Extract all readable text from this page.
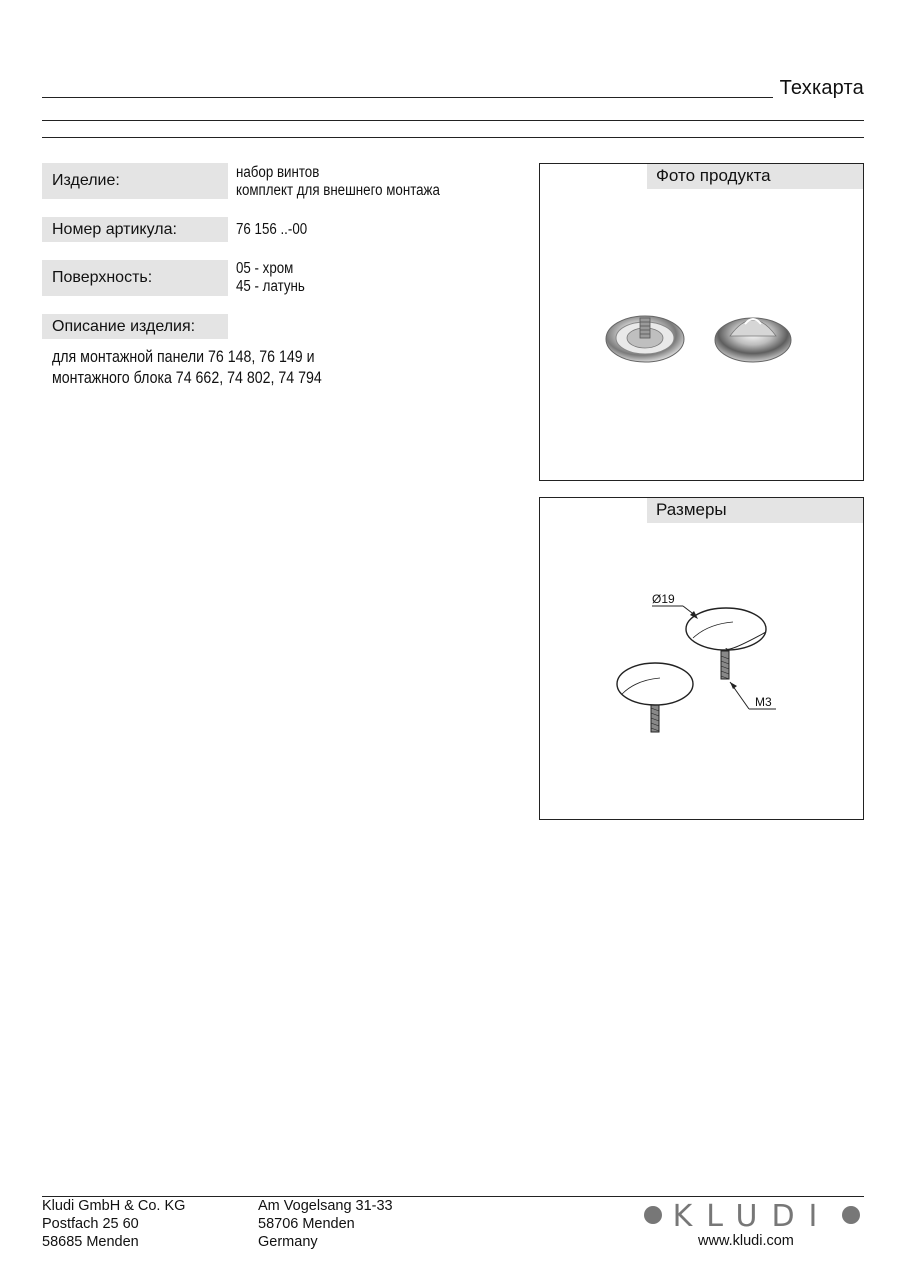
Техкарта
Изделие:	набор винтов
комплект для внешнего монтажа
Номер артикула:	76 156 ..-00
Поверхность:
05 - хром
45 - латунь
Описание изделия:
для монтажной панели 76 148, 76 149 и
монтажного блока 74 662, 74 802, 74 794
Фото продукта
Размеры
Ø19
M3
Kludi GmbH & Co. KG
Postfach 25 60
58685 Menden
Am Vogelsang 31-33
58706 Menden
Germany
KLUDI
www.kludi.com
